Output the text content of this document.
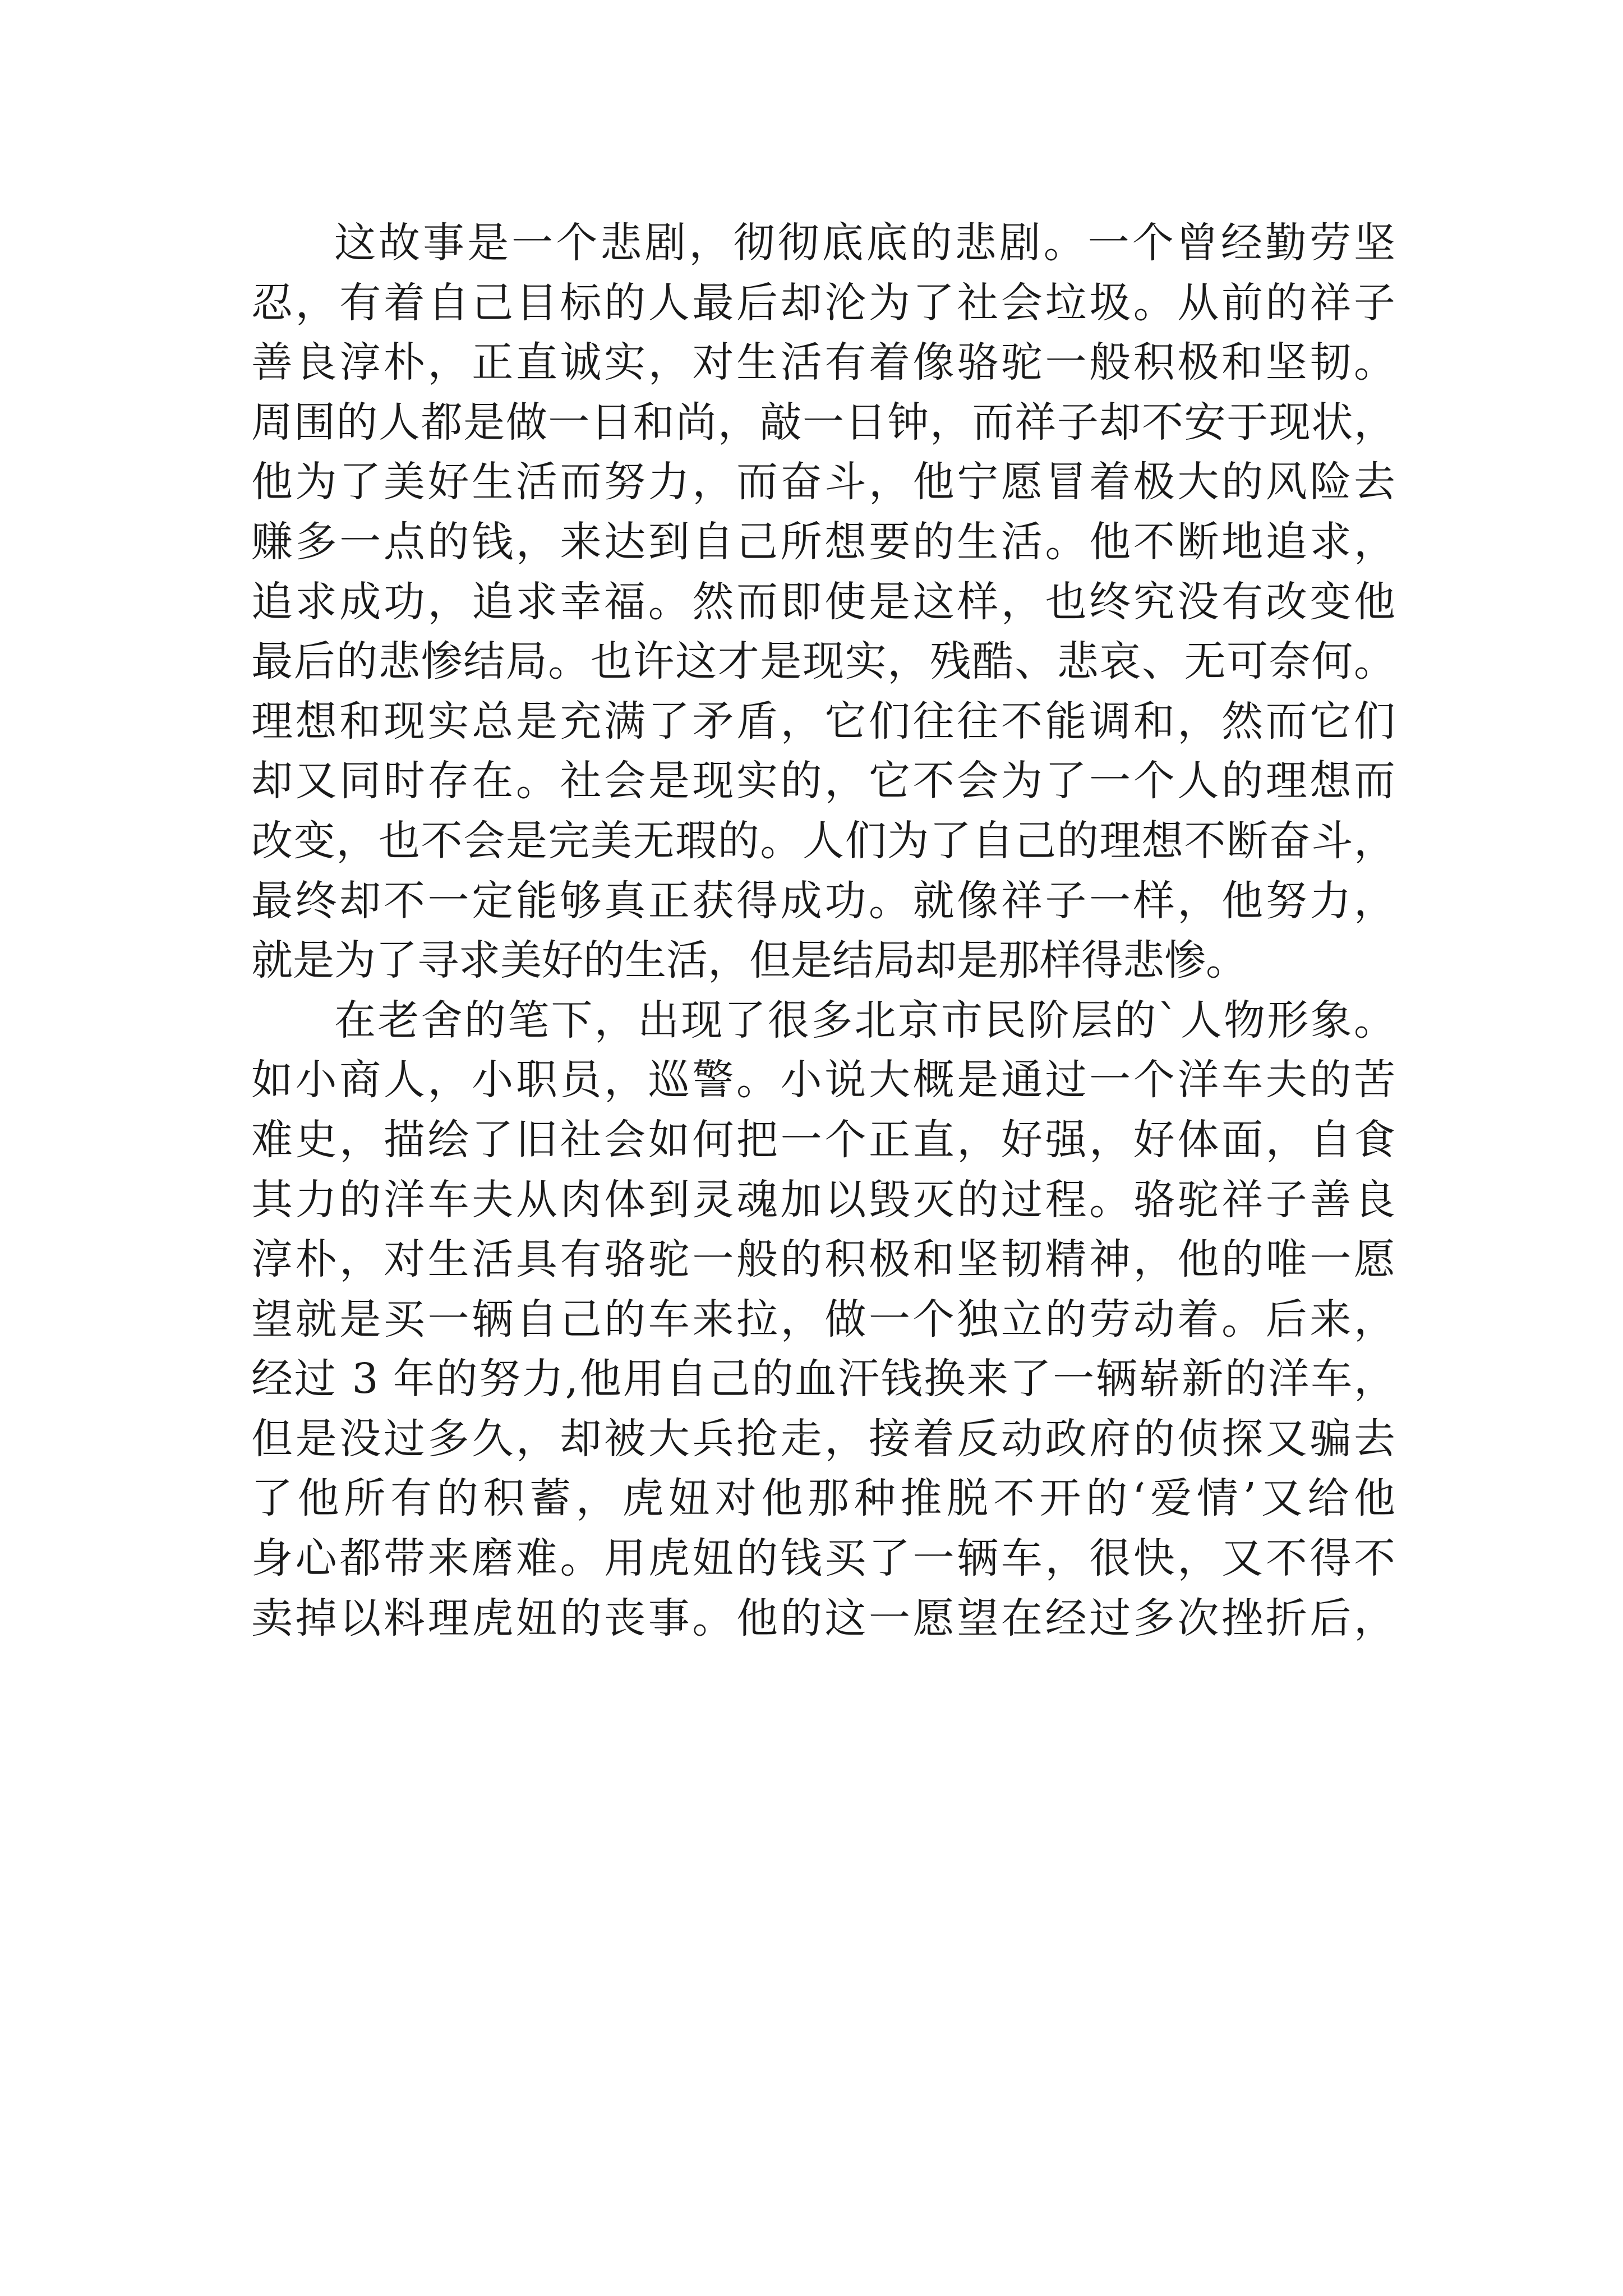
这故事是一个悲剧，彻彻底底的悲剧。一个曾经勤劳坚
忍，有着自己目标的人最后却沦为了社会垃圾。从前的祥子
善良淳朴，正直诚实，对生活有着像骆驼一般积极和坚韧。
周围的人都是做一日和尚，敲一日钟，而祥子却不安于现状，
他为了美好生活而努力，而奋斗，他宁愿冒着极大的风险去
赚多一点的钱，来达到自己所想要的生活。他不断地追求，
追求成功，追求幸福。然而即使是这样，也终究没有改变他
最后的悲惨结局。也许这才是现实，残酷、悲哀、无可奈何。
理想和现实总是充满了矛盾，它们往往不能调和，然而它们
却又同时存在。社会是现实的，它不会为了一个人的理想而
改变，也不会是完美无瑕的。人们为了自己的理想不断奋斗，
最终却不一定能够真正获得成功。就像祥子一样，他努力，
就是为了寻求美好的生活，但是结局却是那样得悲惨。
在老舍的笔下，出现了很多北京市民阶层的`人物形象。
如小商人，小职员，巡警。小说大概是通过一个洋车夫的苦
难史，描绘了旧社会如何把一个正直，好强，好体面，自食
其力的洋车夫从肉体到灵魂加以毁灭的过程。骆驼祥子善良
淳朴，对生活具有骆驼一般的积极和坚韧精神，他的唯一愿
望就是买一辆自己的车来拉，做一个独立的劳动着。后来，
经过 3 年的努力,他用自己的血汗钱换来了一辆崭新的洋车，
但是没过多久，却被大兵抢走，接着反动政府的侦探又骗去
了他所有的积蓄，虎妞对他那种推脱不开的‘爱情’又给他
身心都带来磨难。用虎妞的钱买了一辆车，很快，又不得不
卖掉以料理虎妞的丧事。他的这一愿望在经过多次挫折后，
